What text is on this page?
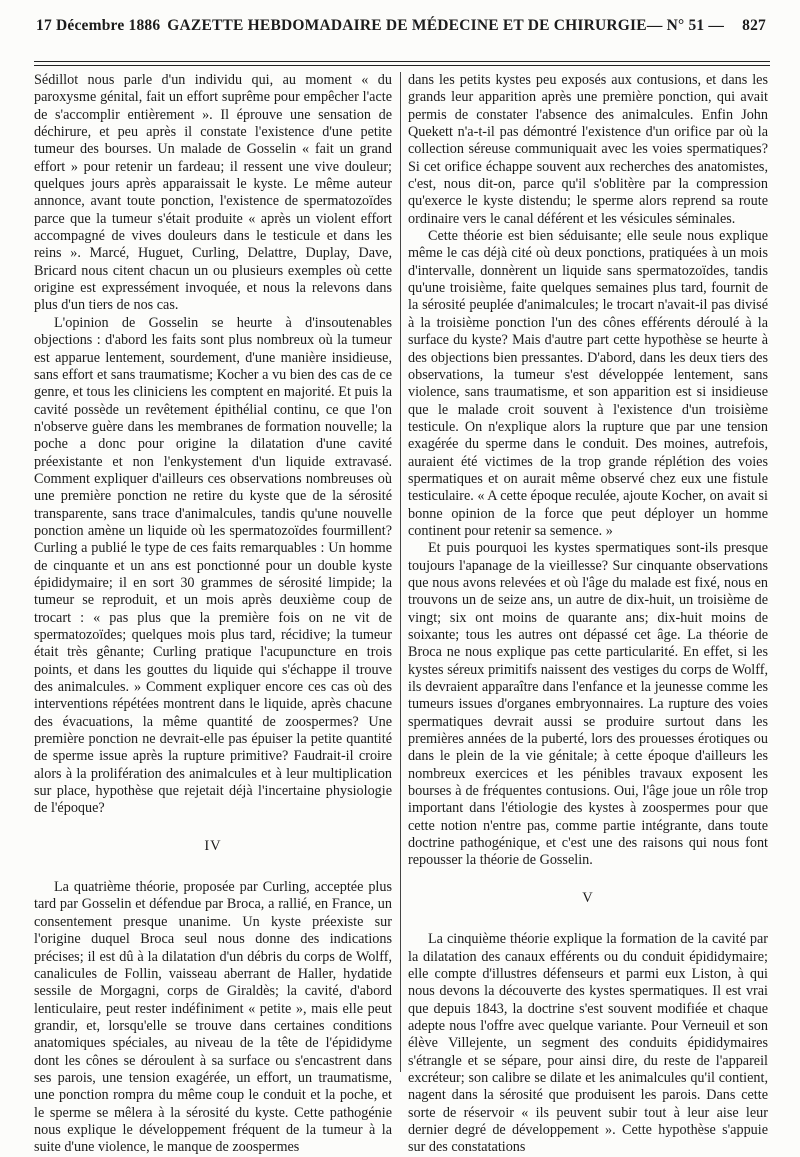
17 Décembre 1886 GAZETTE HEBDOMADAIRE DE MÉDECINE ET DE CHIRURGIE — N° 51 — 827

Sédillot nous parle d'un individu qui, au moment « du paroxysme génital, fait un effort suprême pour empêcher l'acte de s'accomplir entièrement ». Il éprouve une sensation de déchirure, et peu après il constate l'existence d'une petite tumeur des bourses. Un malade de Gosselin « fait un grand effort » pour retenir un fardeau; il ressent une vive douleur; quelques jours après apparaissait le kyste. Le même auteur annonce, avant toute ponction, l'existence de spermatozoïdes parce que la tumeur s'était produite « après un violent effort accompagné de vives douleurs dans le testicule et dans les reins ». Marcé, Huguet, Curling, Delattre, Duplay, Dave, Bricard nous citent chacun un ou plusieurs exemples où cette origine est expressément invoquée, et nous la relevons dans plus d'un tiers de nos cas.

L'opinion de Gosselin se heurte à d'insoutenables objections : d'abord les faits sont plus nombreux où la tumeur est apparue lentement, sourdement, d'une manière insidieuse, sans effort et sans traumatisme; Kocher a vu bien des cas de ce genre, et tous les cliniciens les comptent en majorité. Et puis la cavité possède un revêtement épithélial continu, ce que l'on n'observe guère dans les membranes de formation nouvelle; la poche a donc pour origine la dilatation d'une cavité préexistante et non l'enkystement d'un liquide extravasé. Comment expliquer d'ailleurs ces observations nombreuses où une première ponction ne retire du kyste que de la sérosité transparente, sans trace d'animalcules, tandis qu'une nouvelle ponction amène un liquide où les spermatozoïdes fourmillent? Curling a publié le type de ces faits remarquables : Un homme de cinquante et un ans est ponctionné pour un double kyste épididymaire; il en sort 30 grammes de sérosité limpide; la tumeur se reproduit, et un mois après deuxième coup de trocart : « pas plus que la première fois on ne vit de spermatozoïdes; quelques mois plus tard, récidive; la tumeur était très gênante; Curling pratique l'acupuncture en trois points, et dans les gouttes du liquide qui s'échappe il trouve des animalcules. » Comment expliquer encore ces cas où des interventions répétées montrent dans le liquide, après chacune des évacuations, la même quantité de zoospermes? Une première ponction ne devrait-elle pas épuiser la petite quantité de sperme issue après la rupture primitive? Faudrait-il croire alors à la prolifération des animalcules et à leur multiplication sur place, hypothèse que rejetait déjà l'incertaine physiologie de l'époque?

IV

La quatrième théorie, proposée par Curling, acceptée plus tard par Gosselin et défendue par Broca, a rallié, en France, un consentement presque unanime. Un kyste préexiste sur l'origine duquel Broca seul nous donne des indications précises; il est dû à la dilatation d'un débris du corps de Wolff, canalicules de Follin, vaisseau aberrant de Haller, hydatide sessile de Morgagni, corps de Giraldès; la cavité, d'abord lenticulaire, peut rester indéfiniment « petite », mais elle peut grandir, et, lorsqu'elle se trouve dans certaines conditions anatomiques spéciales, au niveau de la tête de l'épididyme dont les cônes se déroulent à sa surface ou s'encastrent dans ses parois, une tension exagérée, un effort, un traumatisme, une ponction rompra du même coup le conduit et la poche, et le sperme se mêlera à la sérosité du kyste. Cette pathogénie nous explique le développement fréquent de la tumeur à la suite d'une violence, le manque de zoospermes

dans les petits kystes peu exposés aux contusions, et dans les grands leur apparition après une première ponction, qui avait permis de constater l'absence des animalcules. Enfin John Quekett n'a-t-il pas démontré l'existence d'un orifice par où la collection séreuse communiquait avec les voies spermatiques? Si cet orifice échappe souvent aux recherches des anatomistes, c'est, nous dit-on, parce qu'il s'oblitère par la compression qu'exerce le kyste distendu; le sperme alors reprend sa route ordinaire vers le canal déférent et les vésicules séminales.

Cette théorie est bien séduisante; elle seule nous explique même le cas déjà cité où deux ponctions, pratiquées à un mois d'intervalle, donnèrent un liquide sans spermatozoïdes, tandis qu'une troisième, faite quelques semaines plus tard, fournit de la sérosité peuplée d'animalcules; le trocart n'avait-il pas divisé à la troisième ponction l'un des cônes efférents déroulé à la surface du kyste? Mais d'autre part cette hypothèse se heurte à des objections bien pressantes. D'abord, dans les deux tiers des observations, la tumeur s'est développée lentement, sans violence, sans traumatisme, et son apparition est si insidieuse que le malade croit souvent à l'existence d'un troisième testicule. On n'explique alors la rupture que par une tension exagérée du sperme dans le conduit. Des moines, autrefois, auraient été victimes de la trop grande réplétion des voies spermatiques et on aurait même observé chez eux une fistule testiculaire. « A cette époque reculée, ajoute Kocher, on avait si bonne opinion de la force que peut déployer un homme continent pour retenir sa semence. »

Et puis pourquoi les kystes spermatiques sont-ils presque toujours l'apanage de la vieillesse? Sur cinquante observations que nous avons relevées et où l'âge du malade est fixé, nous en trouvons un de seize ans, un autre de dix-huit, un troisième de vingt; six ont moins de quarante ans; dix-huit moins de soixante; tous les autres ont dépassé cet âge. La théorie de Broca ne nous explique pas cette particularité. En effet, si les kystes séreux primitifs naissent des vestiges du corps de Wolff, ils devraient apparaître dans l'enfance et la jeunesse comme les tumeurs issues d'organes embryonnaires. La rupture des voies spermatiques devrait aussi se produire surtout dans les premières années de la puberté, lors des prouesses érotiques ou dans le plein de la vie génitale; à cette époque d'ailleurs les nombreux exercices et les pénibles travaux exposent les bourses à de fréquentes contusions. Oui, l'âge joue un rôle trop important dans l'étiologie des kystes à zoospermes pour que cette notion n'entre pas, comme partie intégrante, dans toute doctrine pathogénique, et c'est une des raisons qui nous font repousser la théorie de Gosselin.

V

La cinquième théorie explique la formation de la cavité par la dilatation des canaux efférents ou du conduit épididymaire; elle compte d'illustres défenseurs et parmi eux Liston, à qui nous devons la découverte des kystes spermatiques. Il est vrai que depuis 1843, la doctrine s'est souvent modifiée et chaque adepte nous l'offre avec quelque variante. Pour Verneuil et son élève Villejente, un segment des conduits épididymaires s'étrangle et se sépare, pour ainsi dire, du reste de l'appareil excréteur; son calibre se dilate et les animalcules qu'il contient, nagent dans la sérosité que produisent les parois. Dans cette sorte de réservoir « ils peuvent subir tout à leur aise leur dernier degré de développement ». Cette hypothèse s'appuie sur des constatations
